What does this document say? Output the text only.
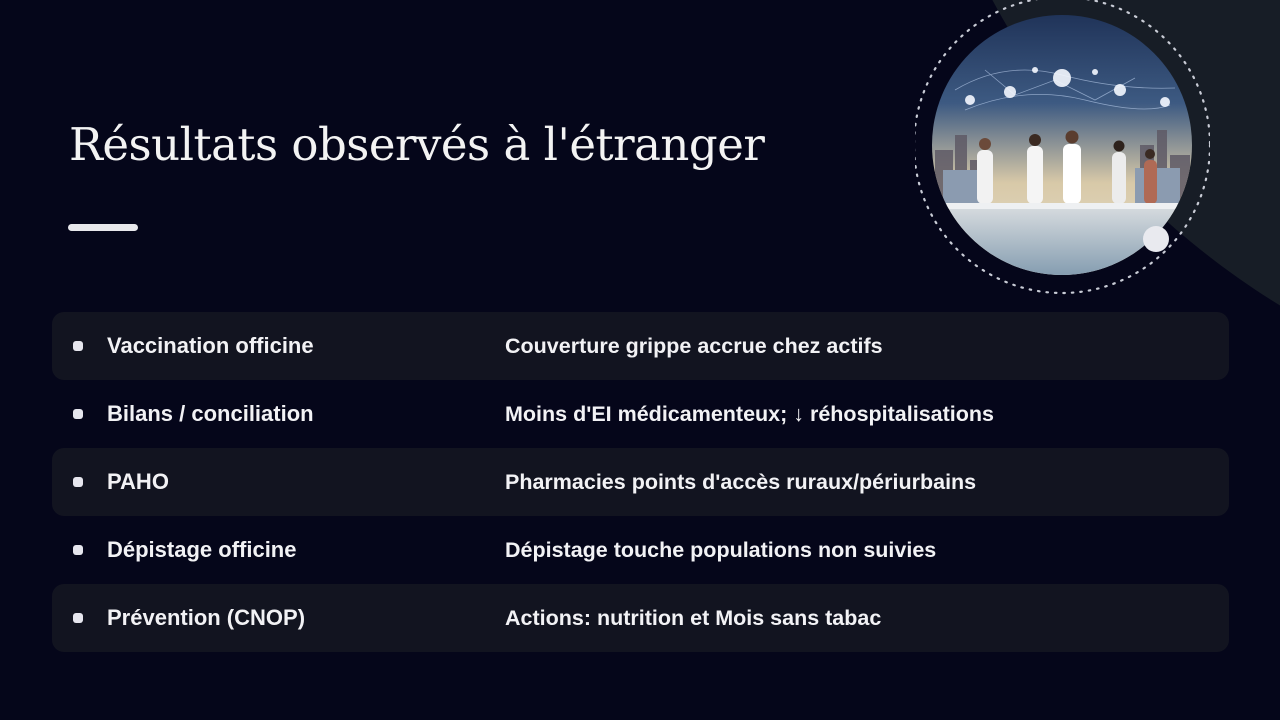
Résultats observés à l'étranger
Vaccination officine	Couverture grippe accrue chez actifs
Bilans / conciliation	Moins d'EI médicamenteux; ↓ réhospitalisations
PAHO	Pharmacies points d'accès ruraux/périurbains
Dépistage officine	Dépistage touche populations non suivies
Prévention (CNOP)	Actions: nutrition et Mois sans tabac
